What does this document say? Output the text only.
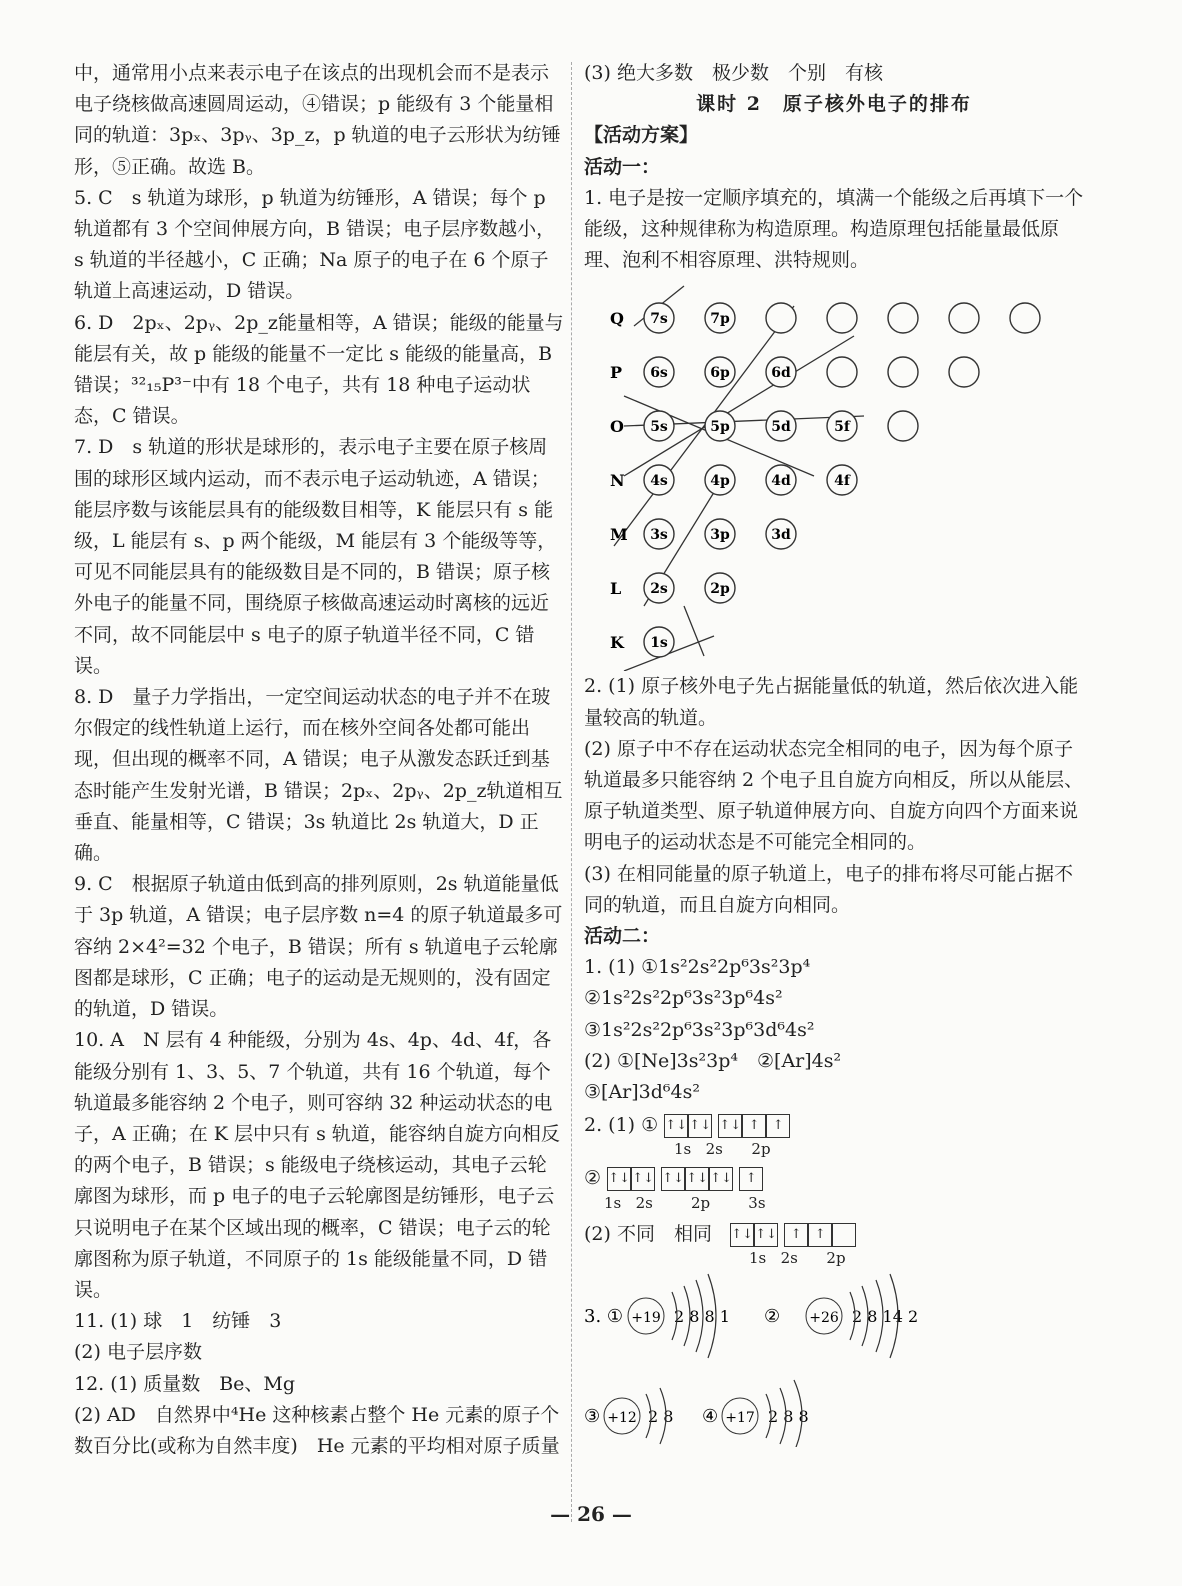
中，通常用小点来表示电子在该点的出现机会而不是表示电子绕核做高速圆周运动，④错误；p 能级有 3 个能量相同的轨道：3pₓ、3pᵧ、3p_z，p 轨道的电子云形状为纺锤形，⑤正确。故选 B。

5. C　s 轨道为球形，p 轨道为纺锤形，A 错误；每个 p 轨道都有 3 个空间伸展方向，B 错误；电子层序数越小，s 轨道的半径越小，C 正确；Na 原子的电子在 6 个原子轨道上高速运动，D 错误。

6. D　2pₓ、2pᵧ、2p_z能量相等，A 错误；能级的能量与能层有关，故 p 能级的能量不一定比 s 能级的能量高，B 错误；³²₁₅P³⁻中有 18 个电子，共有 18 种电子运动状态，C 错误。

7. D　s 轨道的形状是球形的，表示电子主要在原子核周围的球形区域内运动，而不表示电子运动轨迹，A 错误；能层序数与该能层具有的能级数目相等，K 能层只有 s 能级，L 能层有 s、p 两个能级，M 能层有 3 个能级等等，可见不同能层具有的能级数目是不同的，B 错误；原子核外电子的能量不同，围绕原子核做高速运动时离核的远近不同，故不同能层中 s 电子的原子轨道半径不同，C 错误。

8. D　量子力学指出，一定空间运动状态的电子并不在玻尔假定的线性轨道上运行，而在核外空间各处都可能出现，但出现的概率不同，A 错误；电子从激发态跃迁到基态时能产生发射光谱，B 错误；2pₓ、2pᵧ、2p_z轨道相互垂直、能量相等，C 错误；3s 轨道比 2s 轨道大，D 正确。

9. C　根据原子轨道由低到高的排列原则，2s 轨道能量低于 3p 轨道，A 错误；电子层序数 n=4 的原子轨道最多可容纳 2×4²=32 个电子，B 错误；所有 s 轨道电子云轮廓图都是球形，C 正确；电子的运动是无规则的，没有固定的轨道，D 错误。

10. A　N 层有 4 种能级，分别为 4s、4p、4d、4f，各能级分别有 1、3、5、7 个轨道，共有 16 个轨道，每个轨道最多能容纳 2 个电子，则可容纳 32 种运动状态的电子，A 正确；在 K 层中只有 s 轨道，能容纳自旋方向相反的两个电子，B 错误；s 能级电子绕核运动，其电子云轮廓图为球形，而 p 电子的电子云轮廓图是纺锤形，电子云只说明电子在某个区域出现的概率，C 错误；电子云的轮廓图称为原子轨道，不同原子的 1s 能级能量不同，D 错误。

11. (1) 球　1　纺锤　3

(2) 电子层序数

12. (1) 质量数　Be、Mg

(2) AD　自然界中⁴He 这种核素占整个 He 元素的原子个数百分比(或称为自然丰度)　He 元素的平均相对原子质量

(3) 绝大多数　极少数　个别　有核

课时 2　原子核外电子的排布

【活动方案】

活动一：

1. 电子是按一定顺序填充的，填满一个能级之后再填下一个能级，这种规律称为构造原理。构造原理包括能量最低原理、泡利不相容原理、洪特规则。

7s	7p
6s	6p	6d
5s	5p	5d	5f
4s	4p	4d	4f
3s	3p	3d
2s	2p
1s
Q
P
O
N
M
L
K

2. (1) 原子核外电子先占据能量低的轨道，然后依次进入能量较高的轨道。

(2) 原子中不存在运动状态完全相同的电子，因为每个原子轨道最多只能容纳 2 个电子且自旋方向相反，所以从能层、原子轨道类型、原子轨道伸展方向、自旋方向四个方面来说明电子的运动状态是不可能完全相同的。

(3) 在相同能量的原子轨道上，电子的排布将尽可能占据不同的轨道，而且自旋方向相同。

活动二：

1. (1) ①1s²2s²2p⁶3s²3p⁴

②1s²2s²2p⁶3s²3p⁶4s²

③1s²2s²2p⁶3s²3p⁶3d⁶4s²

(2) ①[Ne]3s²3p⁴　②[Ar]4s²

③[Ar]3d⁶4s²

2. (1) ① ↑↓ ↑↓ ↑↓ ↑ ↑
1s 2s 2p
② ↑↓ ↑↓ ↑↓ ↑↓ ↑↓ ↑
1s 2s	2p	3s
(2) 不同　相同 ↑↓ ↑↓ ↑ ↑
1s 2s 2p
3. ① +19 2 8 8 1 ② +26 2 8 14 2
③ +12 2 8 ④ +17 2 8 8
— 26 —
